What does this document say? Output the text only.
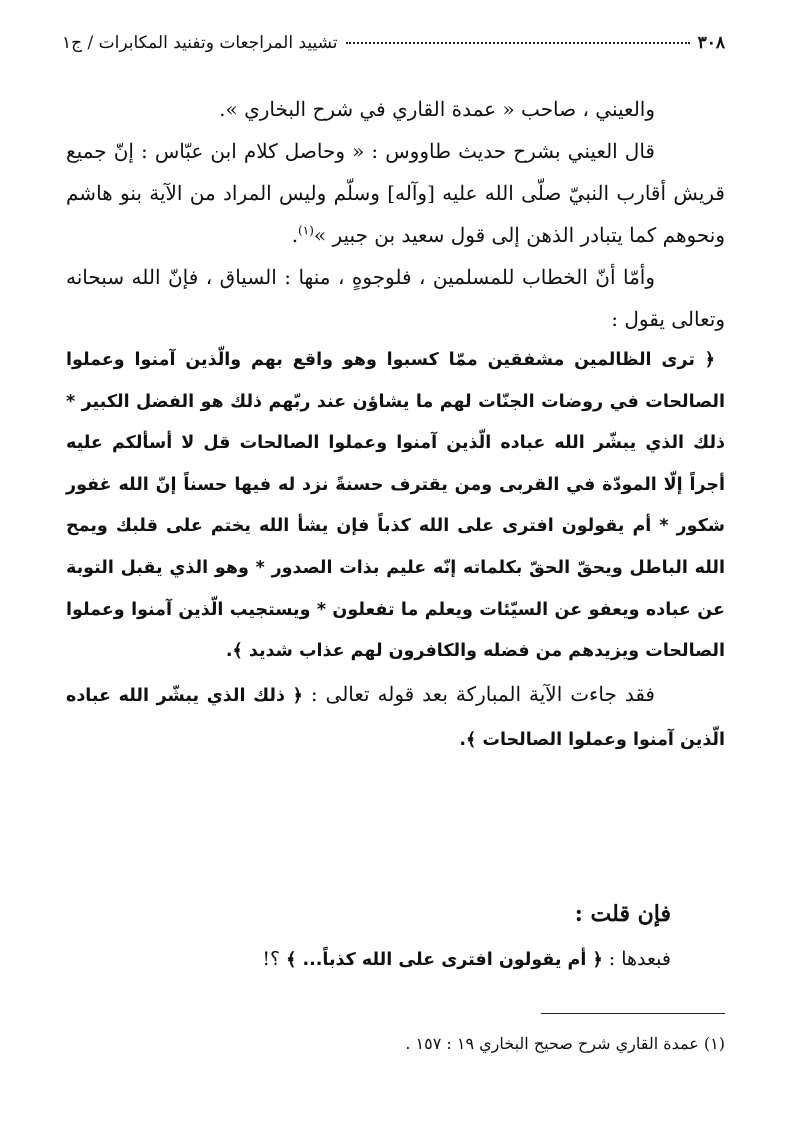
٣٠٨
تشييد المراجعات وتفنيد المكابرات / ج١

والعيني ، صاحب « عمدة القاري في شرح البخاري ».

قال العيني بشرح حديث طاووس : « وحاصل كلام ابن عبّاس : إنّ جميع قريش أقارب النبيّ صلّى الله عليه [وآله] وسلّم وليس المراد من الآية بنو هاشم ونحوهم كما يتبادر الذهن إلى قول سعيد بن جبير »$^{(١)}$.

وأمّا أنّ الخطاب للمسلمين ، فلوجوهٍ ، منها : السياق ، فإنّ الله سبحانه وتعالى يقول :

﴿ ترى الظالمين مشفقين ممّا كسبوا وهو واقع بهم والّذين آمنوا وعملوا الصالحات في روضات الجنّات لهم ما يشاؤن عند ربّهم ذلك هو الفضل الكبير * ذلك الذي يبشّر الله عباده الّذين آمنوا وعملوا الصالحات قل لا أسألكم عليه أجراً إلّا المودّة في القربى ومن يقترف حسنةً نزد له فيها حسناً إنّ الله غفور شكور * أم يقولون افترى على الله كذباً فإن يشأ الله يختم على قلبك ويمح الله الباطل ويحقّ الحقّ بكلماته إنّه عليم بذات الصدور * وهو الذي يقبل التوبة عن عباده ويعفو عن السيّئات ويعلم ما تفعلون * ويستجيب الّذين آمنوا وعملوا الصالحات ويزيدهم من فضله والكافرون لهم عذاب شديد ﴾.

فقد جاءت الآية المباركة بعد قوله تعالى : ﴿ ذلك الذي يبشّر الله عباده الّذين آمنوا وعملوا الصالحات ﴾.

فإن قلت :
فبعدها : ﴿ أم يقولون افترى على الله كذباً... ﴾ ؟!
(١) عمدة القاري شرح صحيح البخاري ١٩ : ١٥٧ .
